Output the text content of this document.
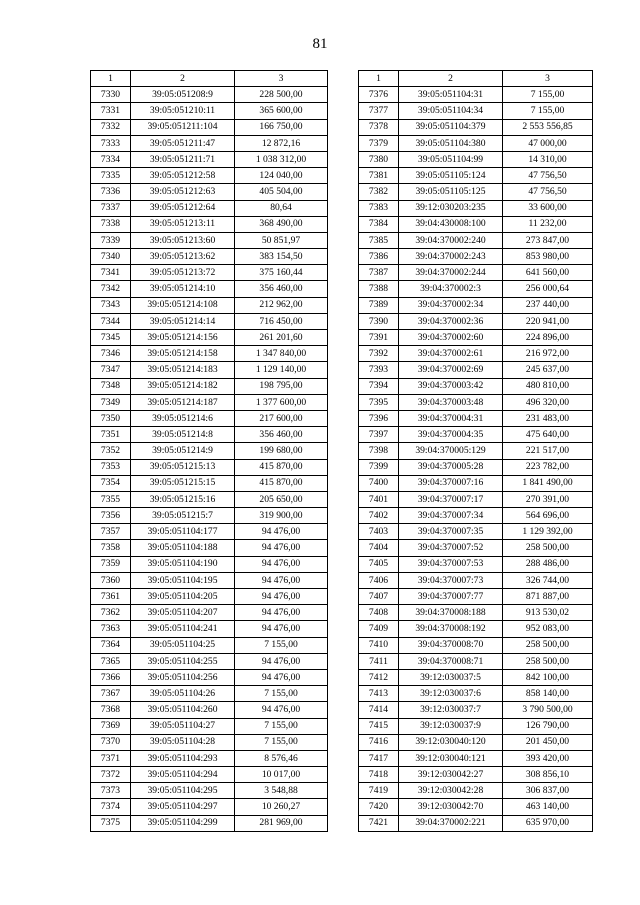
81
1	2	3
7330	39:05:051208:9	228 500,00
7331	39:05:051210:11	365 600,00
7332	39:05:051211:104	166 750,00
7333	39:05:051211:47	12 872,16
7334	39:05:051211:71	1 038 312,00
7335	39:05:051212:58	124 040,00
7336	39:05:051212:63	405 504,00
7337	39:05:051212:64	80,64
7338	39:05:051213:11	368 490,00
7339	39:05:051213:60	50 851,97
7340	39:05:051213:62	383 154,50
7341	39:05:051213:72	375 160,44
7342	39:05:051214:10	356 460,00
7343	39:05:051214:108	212 962,00
7344	39:05:051214:14	716 450,00
7345	39:05:051214:156	261 201,60
7346	39:05:051214:158	1 347 840,00
7347	39:05:051214:183	1 129 140,00
7348	39:05:051214:182	198 795,00
7349	39:05:051214:187	1 377 600,00
7350	39:05:051214:6	217 600,00
7351	39:05:051214:8	356 460,00
7352	39:05:051214:9	199 680,00
7353	39:05:051215:13	415 870,00
7354	39:05:051215:15	415 870,00
7355	39:05:051215:16	205 650,00
7356	39:05:051215:7	319 900,00
7357	39:05:051104:177	94 476,00
7358	39:05:051104:188	94 476,00
7359	39:05:051104:190	94 476,00
7360	39:05:051104:195	94 476,00
7361	39:05:051104:205	94 476,00
7362	39:05:051104:207	94 476,00
7363	39:05:051104:241	94 476,00
7364	39:05:051104:25	7 155,00
7365	39:05:051104:255	94 476,00
7366	39:05:051104:256	94 476,00
7367	39:05:051104:26	7 155,00
7368	39:05:051104:260	94 476,00
7369	39:05:051104:27	7 155,00
7370	39:05:051104:28	7 155,00
7371	39:05:051104:293	8 576,46
7372	39:05:051104:294	10 017,00
7373	39:05:051104:295	3 548,88
7374	39:05:051104:297	10 260,27
7375	39:05:051104:299	281 969,00
1	2	3
7376	39:05:051104:31	7 155,00
7377	39:05:051104:34	7 155,00
7378	39:05:051104:379	2 553 556,85
7379	39:05:051104:380	47 000,00
7380	39:05:051104:99	14 310,00
7381	39:05:051105:124	47 756,50
7382	39:05:051105:125	47 756,50
7383	39:12:030203:235	33 600,00
7384	39:04:430008:100	11 232,00
7385	39:04:370002:240	273 847,00
7386	39:04:370002:243	853 980,00
7387	39:04:370002:244	641 560,00
7388	39:04:370002:3	256 000,64
7389	39:04:370002:34	237 440,00
7390	39:04:370002:36	220 941,00
7391	39:04:370002:60	224 896,00
7392	39:04:370002:61	216 972,00
7393	39:04:370002:69	245 637,00
7394	39:04:370003:42	480 810,00
7395	39:04:370003:48	496 320,00
7396	39:04:370004:31	231 483,00
7397	39:04:370004:35	475 640,00
7398	39:04:370005:129	221 517,00
7399	39:04:370005:28	223 782,00
7400	39:04:370007:16	1 841 490,00
7401	39:04:370007:17	270 391,00
7402	39:04:370007:34	564 696,00
7403	39:04:370007:35	1 129 392,00
7404	39:04:370007:52	258 500,00
7405	39:04:370007:53	288 486,00
7406	39:04:370007:73	326 744,00
7407	39:04:370007:77	871 887,00
7408	39:04:370008:188	913 530,02
7409	39:04:370008:192	952 083,00
7410	39:04:370008:70	258 500,00
7411	39:04:370008:71	258 500,00
7412	39:12:030037:5	842 100,00
7413	39:12:030037:6	858 140,00
7414	39:12:030037:7	3 790 500,00
7415	39:12:030037:9	126 790,00
7416	39:12:030040:120	201 450,00
7417	39:12:030040:121	393 420,00
7418	39:12:030042:27	308 856,10
7419	39:12:030042:28	306 837,00
7420	39:12:030042:70	463 140,00
7421	39:04:370002:221	635 970,00
